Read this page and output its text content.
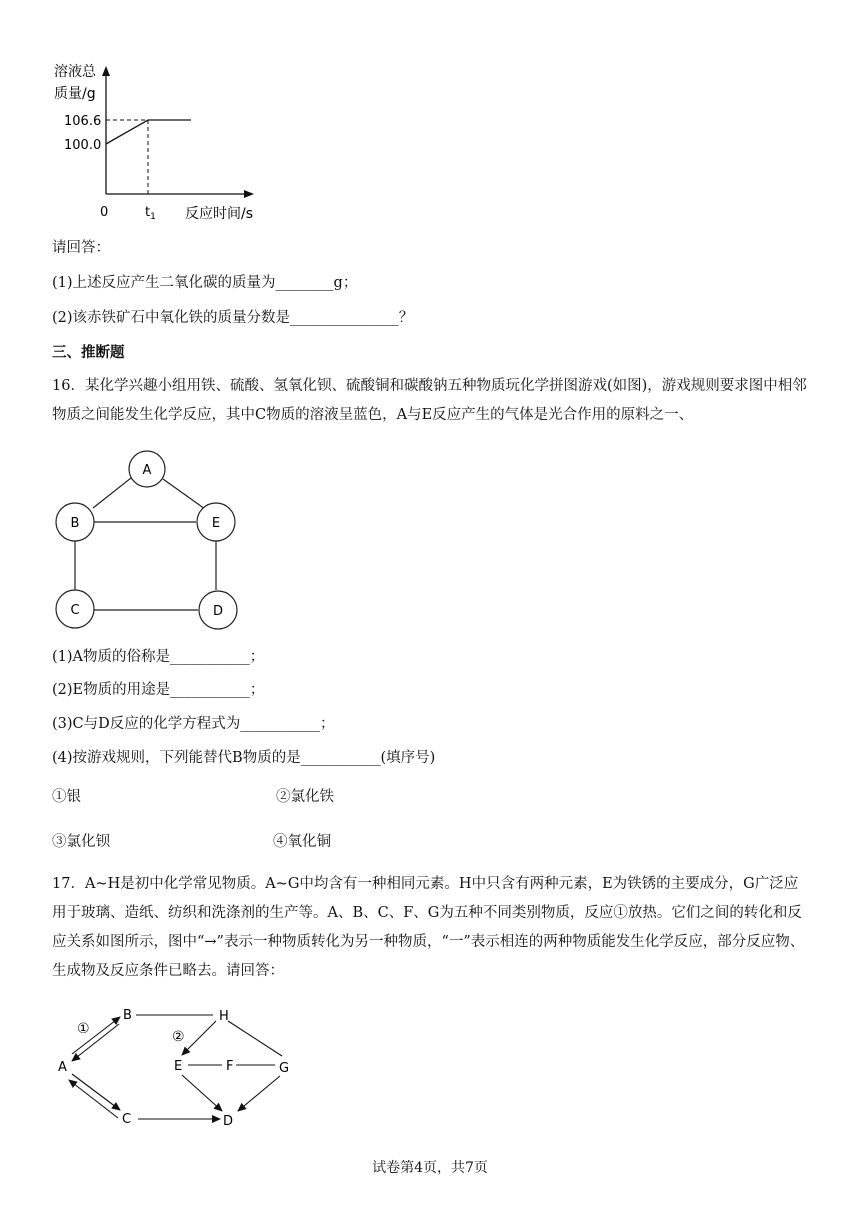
溶液总
质量/g
106.6
100.0
0	$t_1$ 反应时间/s
请回答：
(1)上述反应产生二氧化碳的质量为________g；
(2)该赤铁矿石中氧化铁的质量分数是_______________？
三、推断题
16．某化学兴趣小组用铁、硫酸、氢氧化钡、硫酸铜和碳酸钠五种物质玩化学拼图游戏(如图)，游戏规则要求图中相邻物质之间能发生化学反应，其中C物质的溶液呈蓝色，A与E反应产生的气体是光合作用的原料之一、
A
B	E
C	D
(1)A物质的俗称是___________；
(2)E物质的用途是___________；
(3)C与D反应的化学方程式为___________；
(4)按游戏规则，下列能替代B物质的是___________(填序号)
①银	②氯化铁
③氯化钡	④氧化铜
17．A~H是初中化学常见物质。A~G中均含有一种相同元素。H中只含有两种元素，E为铁锈的主要成分，G广泛应用于玻璃、造纸、纺织和洗涤剂的生产等。A、B、C、F、G为五种不同类别物质，反应①放热。它们之间的转化和反应关系如图所示，图中“→”表示一种物质转化为另一种物质，“一”表示相连的两种物质能发生化学反应，部分反应物、生成物及反应条件已略去。请回答：
B	H
A	E	F	G
C	D
①	②
试卷第4页，共7页
